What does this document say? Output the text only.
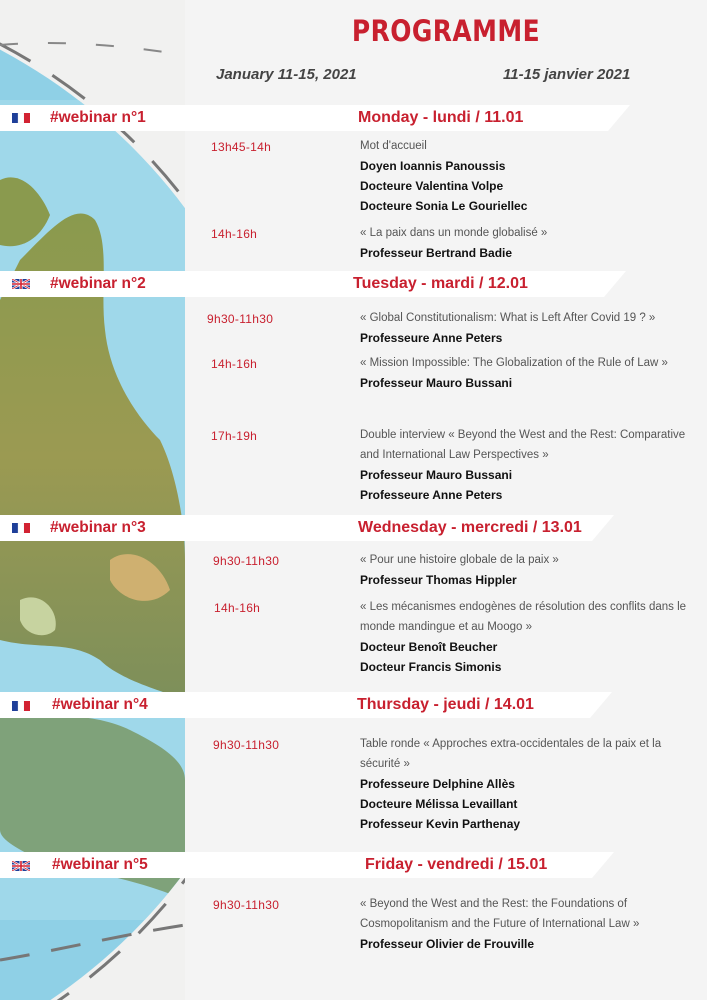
PROGRAMME
January 11-15, 2021	11-15 janvier 2021
#webinar n°1	Monday - lundi / 11.01
13h45-14h	Mot d'accueil
Doyen Ioannis Panoussis
Docteure Valentina Volpe
Docteure Sonia Le Gouriellec
14h-16h	« La paix dans un monde globalisé »
Professeur Bertrand Badie
#webinar n°2	Tuesday - mardi / 12.01
9h30-11h30	« Global Constitutionalism: What is Left After Covid 19 ? »
Professeure Anne Peters
14h-16h	« Mission Impossible: The Globalization of the Rule of Law »
Professeur Mauro Bussani
17h-19h	Double interview « Beyond the West and the Rest: Comparative and International Law Perspectives »
Professeur Mauro Bussani
Professeure Anne Peters
#webinar n°3	Wednesday - mercredi / 13.01
9h30-11h30	« Pour une histoire globale de la paix »
Professeur Thomas Hippler
14h-16h	« Les mécanismes endogènes de résolution des conflits dans le monde mandingue et au Moogo »
Docteur Benoît Beucher
Docteur Francis Simonis
#webinar n°4	Thursday - jeudi / 14.01
9h30-11h30	Table ronde « Approches extra-occidentales de la paix et la sécurité »
Professeure Delphine Allès
Docteure Mélissa Levaillant
Professeur Kevin Parthenay
#webinar n°5	Friday - vendredi / 15.01
9h30-11h30	« Beyond the West and the Rest: the Foundations of Cosmopolitanism and the Future of International Law »
Professeur Olivier de Frouville
